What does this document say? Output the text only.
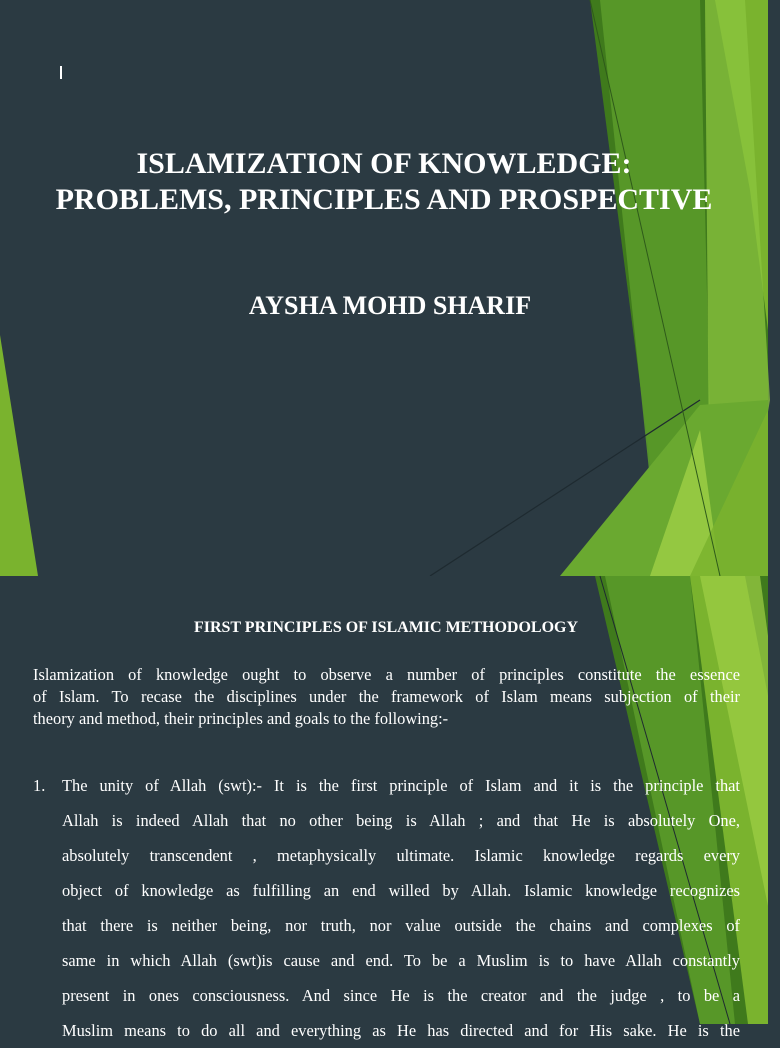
ISLAMIZATION OF KNOWLEDGE:
PROBLEMS, PRINCIPLES AND PROSPECTIVE
AYSHA MOHD SHARIF
FIRST PRINCIPLES OF ISLAMIC METHODOLOGY
Islamization of knowledge ought to observe a number of principles constitute the essence
of Islam. To recase the disciplines under the framework of Islam means subjection of their
theory and method, their principles and goals to the following:-
1. The unity of Allah (swt):- It is the first principle of Islam and it is the principle that
Allah is indeed Allah that no other being is Allah ; and that He is absolutely One,
absolutely transcendent , metaphysically ultimate. Islamic knowledge regards every
object of knowledge as fulfilling an end willed by Allah. Islamic knowledge recognizes
that there is neither being, nor truth, nor value outside the chains and complexes of
same in which Allah (swt)is cause and end. To be a Muslim is to have Allah constantly
present in ones consciousness. And since He is the creator and the judge , to be a
Muslim means to do all and everything as He has directed and for His sake. He is the
